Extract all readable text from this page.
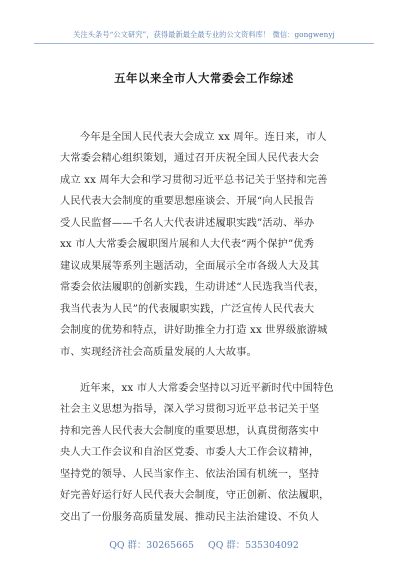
关注头条号“公文研究”，获得最新最全最专业的公文资料库！ 微信：gongwenyj
五年以来全市人大常委会工作综述

今年是全国人民代表大会成立 xx 周年。连日来，市人
大常委会精心组织策划，通过召开庆祝全国人民代表大会
成立 xx 周年大会和学习贯彻习近平总书记关于坚持和完善
人民代表大会制度的重要思想座谈会、开展“向人民报告
受人民监督——千名人大代表讲述履职实践”活动、举办
xx 市人大常委会履职图片展和人大代表“两个保护”优秀
建议成果展等系列主题活动，全面展示全市各级人大及其
常委会依法履职的创新实践，生动讲述“人民选我当代表，
我当代表为人民”的代表履职实践，广泛宣传人民代表大
会制度的优势和特点，讲好助推全力打造 xx 世界级旅游城
市、实现经济社会高质量发展的人大故事。

近年来，xx 市人大常委会坚持以习近平新时代中国特色
社会主义思想为指导，深入学习贯彻习近平总书记关于坚
持和完善人民代表大会制度的重要思想，认真贯彻落实中
央人大工作会议和自治区党委、市委人大工作会议精神，
坚持党的领导、人民当家作主、依法治国有机统一，坚持
好完善好运行好人民代表大会制度，守正创新、依法履职，
交出了一份服务高质量发展、推动民主法治建设、不负人

QQ 群：30265665 QQ 群：535304092
